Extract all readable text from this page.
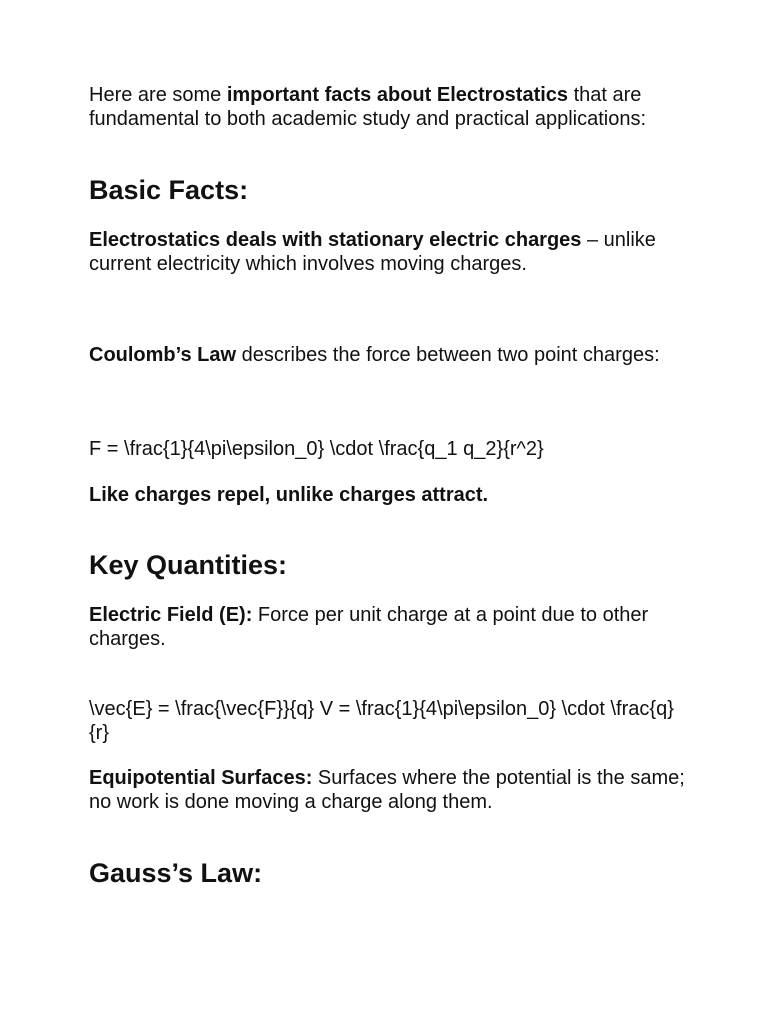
Here are some important facts about Electrostatics that are fundamental to both academic study and practical applications:

Basic Facts:

Electrostatics deals with stationary electric charges – unlike current electricity which involves moving charges.

Coulomb’s Law describes the force between two point charges:

F = \frac{1}{4\pi\epsilon_0} \cdot \frac{q_1 q_2}{r^2}

Like charges repel, unlike charges attract.

Key Quantities:

Electric Field (E): Force per unit charge at a point due to other charges.

\vec{E} = \frac{\vec{F}}{q} V = \frac{1}{4\pi\epsilon_0} \cdot \frac{q}{r}

Equipotential Surfaces: Surfaces where the potential is the same; no work is done moving a charge along them.

Gauss’s Law:
